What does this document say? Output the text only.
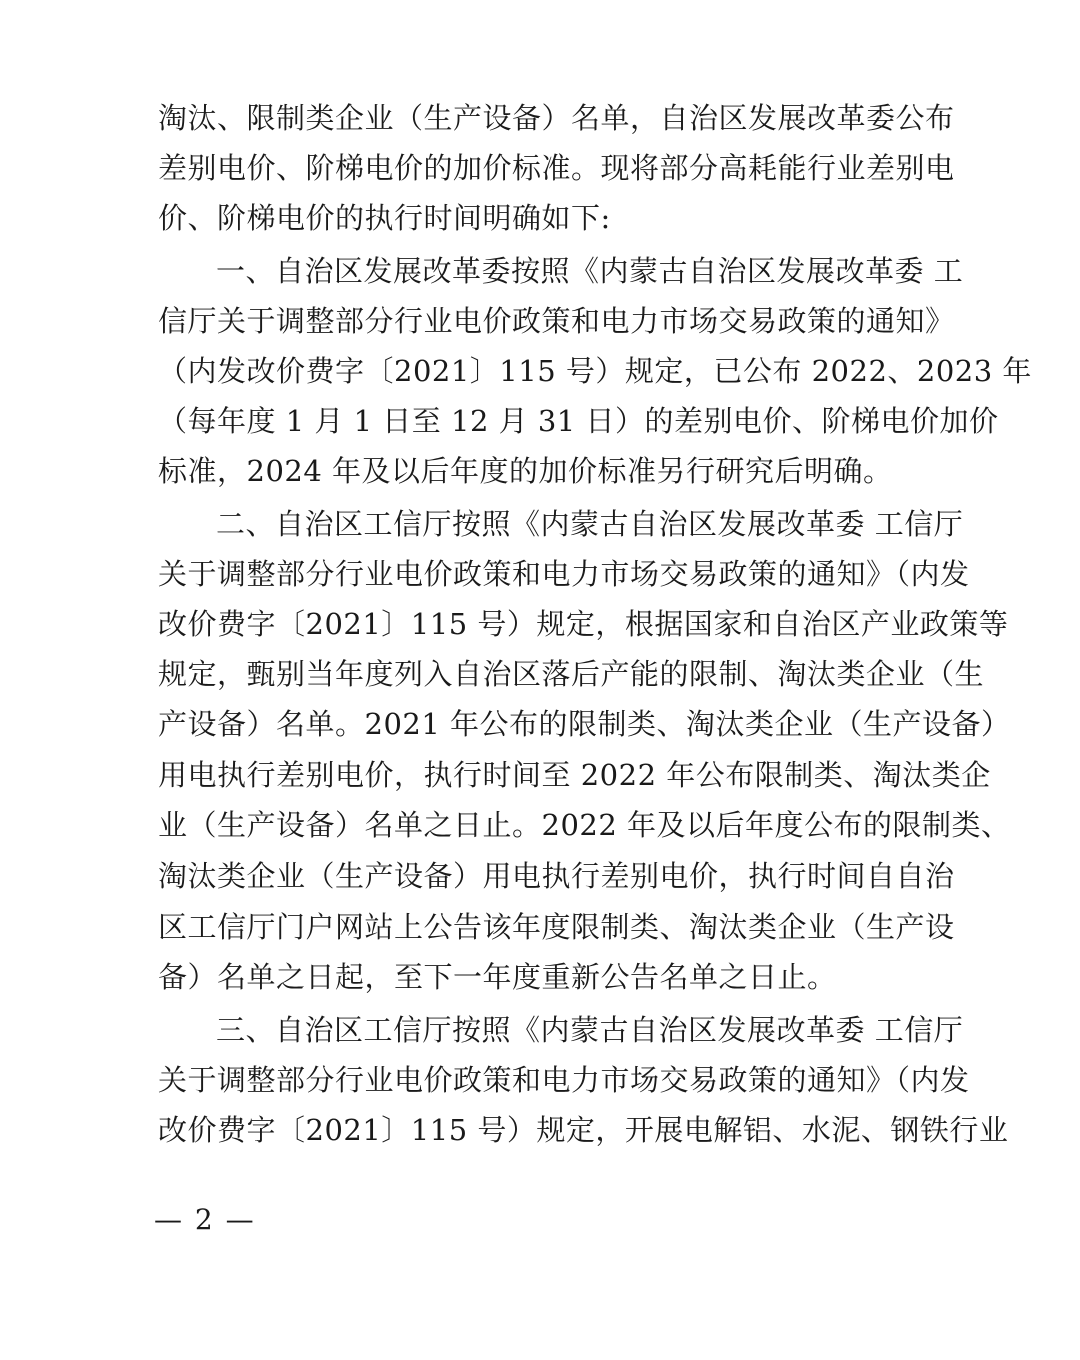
淘汰、限制类企业（生产设备）名单，自治区发展改革委公布
差别电价、阶梯电价的加价标准。现将部分高耗能行业差别电
价、阶梯电价的执行时间明确如下:
一、自治区发展改革委按照《内蒙古自治区发展改革委 工
信厅关于调整部分行业电价政策和电力市场交易政策的通知》
（内发改价费字〔2021〕115 号）规定，已公布 2022、2023 年
（每年度 1 月 1 日至 12 月 31 日）的差别电价、阶梯电价加价
标准，2024 年及以后年度的加价标准另行研究后明确。
二、自治区工信厅按照《内蒙古自治区发展改革委 工信厅
关于调整部分行业电价政策和电力市场交易政策的通知》（内发
改价费字〔2021〕115 号）规定，根据国家和自治区产业政策等
规定，甄别当年度列入自治区落后产能的限制、淘汰类企业（生
产设备）名单。2021 年公布的限制类、淘汰类企业（生产设备）
用电执行差别电价，执行时间至 2022 年公布限制类、淘汰类企
业（生产设备）名单之日止。2022 年及以后年度公布的限制类、
淘汰类企业（生产设备）用电执行差别电价，执行时间自自治
区工信厅门户网站上公告该年度限制类、淘汰类企业（生产设
备）名单之日起，至下一年度重新公告名单之日止。
三、自治区工信厅按照《内蒙古自治区发展改革委 工信厅
关于调整部分行业电价政策和电力市场交易政策的通知》（内发
改价费字〔2021〕115 号）规定，开展电解铝、水泥、钢铁行业
— 2 —
